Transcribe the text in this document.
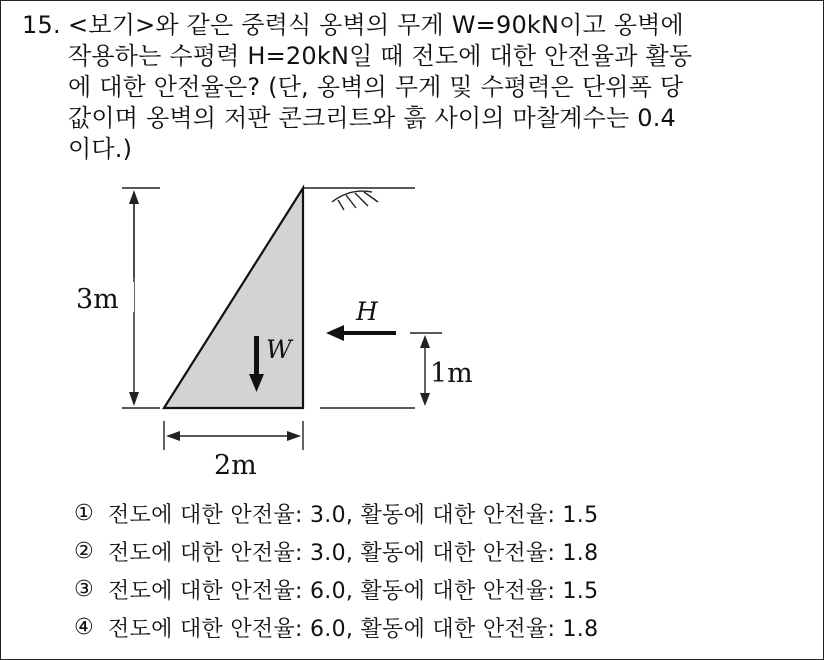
15. <보기>와 같은 중력식 옹벽의 무게 W=90kN이고 옹벽에
작용하는 수평력 H=20kN일 때 전도에 대한 안전율과 활동
에 대한 안전율은? (단, 옹벽의 무게 및 수평력은 단위폭 당
값이며 옹벽의 저판 콘크리트와 흙 사이의 마찰계수는 0.4
이다.)
3m
2m
W
H
1m
① 전도에 대한 안전율: 3.0, 활동에 대한 안전율: 1.5
② 전도에 대한 안전율: 3.0, 활동에 대한 안전율: 1.8
③ 전도에 대한 안전율: 6.0, 활동에 대한 안전율: 1.5
④ 전도에 대한 안전율: 6.0, 활동에 대한 안전율: 1.8
